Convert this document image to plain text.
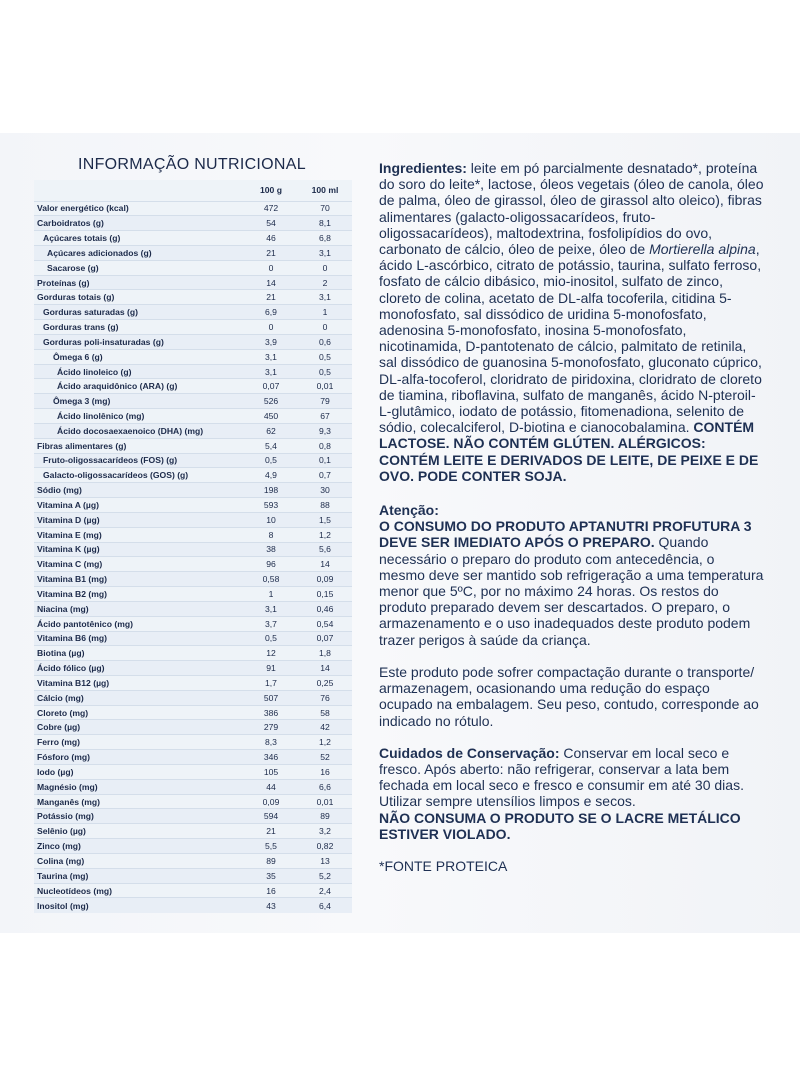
INFORMAÇÃO NUTRICIONAL
	100 g	100 ml
Valor energético (kcal)	472	70
Carboidratos (g)	54	8,1
Açúcares totais (g)	46	6,8
Açúcares adicionados (g)	21	3,1
Sacarose (g)	0	0
Proteínas (g)	14	2
Gorduras totais (g)	21	3,1
Gorduras saturadas (g)	6,9	1
Gorduras trans (g)	0	0
Gorduras poli-insaturadas (g)	3,9	0,6
Ômega 6 (g)	3,1	0,5
Ácido linoleico (g)	3,1	0,5
Ácido araquidônico (ARA) (g)	0,07	0,01
Ômega 3 (mg)	526	79
Ácido linolênico (mg)	450	67
Ácido docosaexaenoico (DHA) (mg)	62	9,3
Fibras alimentares (g)	5,4	0,8
Fruto-oligossacarídeos (FOS) (g)	0,5	0,1
Galacto-oligossacarídeos (GOS) (g)	4,9	0,7
Sódio (mg)	198	30
Vitamina A (µg)	593	88
Vitamina D (µg)	10	1,5
Vitamina E (mg)	8	1,2
Vitamina K (µg)	38	5,6
Vitamina C (mg)	96	14
Vitamina B1 (mg)	0,58	0,09
Vitamina B2 (mg)	1	0,15
Niacina (mg)	3,1	0,46
Ácido pantotênico (mg)	3,7	0,54
Vitamina B6 (mg)	0,5	0,07
Biotina (µg)	12	1,8
Ácido fólico (µg)	91	14
Vitamina B12 (µg)	1,7	0,25
Cálcio (mg)	507	76
Cloreto (mg)	386	58
Cobre (µg)	279	42
Ferro (mg)	8,3	1,2
Fósforo (mg)	346	52
Iodo (µg)	105	16
Magnésio (mg)	44	6,6
Manganês (mg)	0,09	0,01
Potássio (mg)	594	89
Selênio (µg)	21	3,2
Zinco (mg)	5,5	0,82
Colina (mg)	89	13
Taurina (mg)	35	5,2
Nucleotídeos (mg)	16	2,4
Inositol (mg)	43	6,4

Ingredientes: leite em pó parcialmente desnatado*, proteína do soro do leite*, lactose, óleos vegetais (óleo de canola, óleo de palma, óleo de girassol, óleo de girassol alto oleico), fibras alimentares (galacto-oligossacarídeos, fruto-oligossacarídeos), maltodextrina, fosfolipídios do ovo, carbonato de cálcio, óleo de peixe, óleo de Mortierella alpina, ácido L-ascórbico, citrato de potássio, taurina, sulfato ferroso, fosfato de cálcio dibásico, mio-inositol, sulfato de zinco, cloreto de colina, acetato de DL-alfa tocoferila, citidina 5-monofosfato, sal dissódico de uridina 5-monofosfato, adenosina 5-monofosfato, inosina 5-monofosfato, nicotinamida, D-pantotenato de cálcio, palmitato de retinila, sal dissódico de guanosina 5-monofosfato, gluconato cúprico, DL-alfa-tocoferol, cloridrato de piridoxina, cloridrato de cloreto de tiamina, riboflavina, sulfato de manganês, ácido N-pteroil-L-glutâmico, iodato de potássio, fitomenadiona, selenito de sódio, colecalciferol, D-biotina e cianocobalamina. CONTÉM LACTOSE. NÃO CONTÉM GLÚTEN. ALÉRGICOS: CONTÉM LEITE E DERIVADOS DE LEITE, DE PEIXE E DE OVO. PODE CONTER SOJA.

Atenção:
O CONSUMO DO PRODUTO APTANUTRI PROFUTURA 3 DEVE SER IMEDIATO APÓS O PREPARO. Quando necessário o preparo do produto com antecedência, o mesmo deve ser mantido sob refrigeração a uma temperatura menor que 5ºC, por no máximo 24 horas. Os restos do produto preparado devem ser descartados. O preparo, o armazenamento e o uso inadequados deste produto podem trazer perigos à saúde da criança.

Este produto pode sofrer compactação durante o transporte/ armazenagem, ocasionando uma redução do espaço ocupado na embalagem. Seu peso, contudo, corresponde ao indicado no rótulo.

Cuidados de Conservação: Conservar em local seco e fresco. Após aberto: não refrigerar, conservar a lata bem fechada em local seco e fresco e consumir em até 30 dias. Utilizar sempre utensílios limpos e secos.
NÃO CONSUMA O PRODUTO SE O LACRE METÁLICO ESTIVER VIOLADO.

*FONTE PROTEICA
